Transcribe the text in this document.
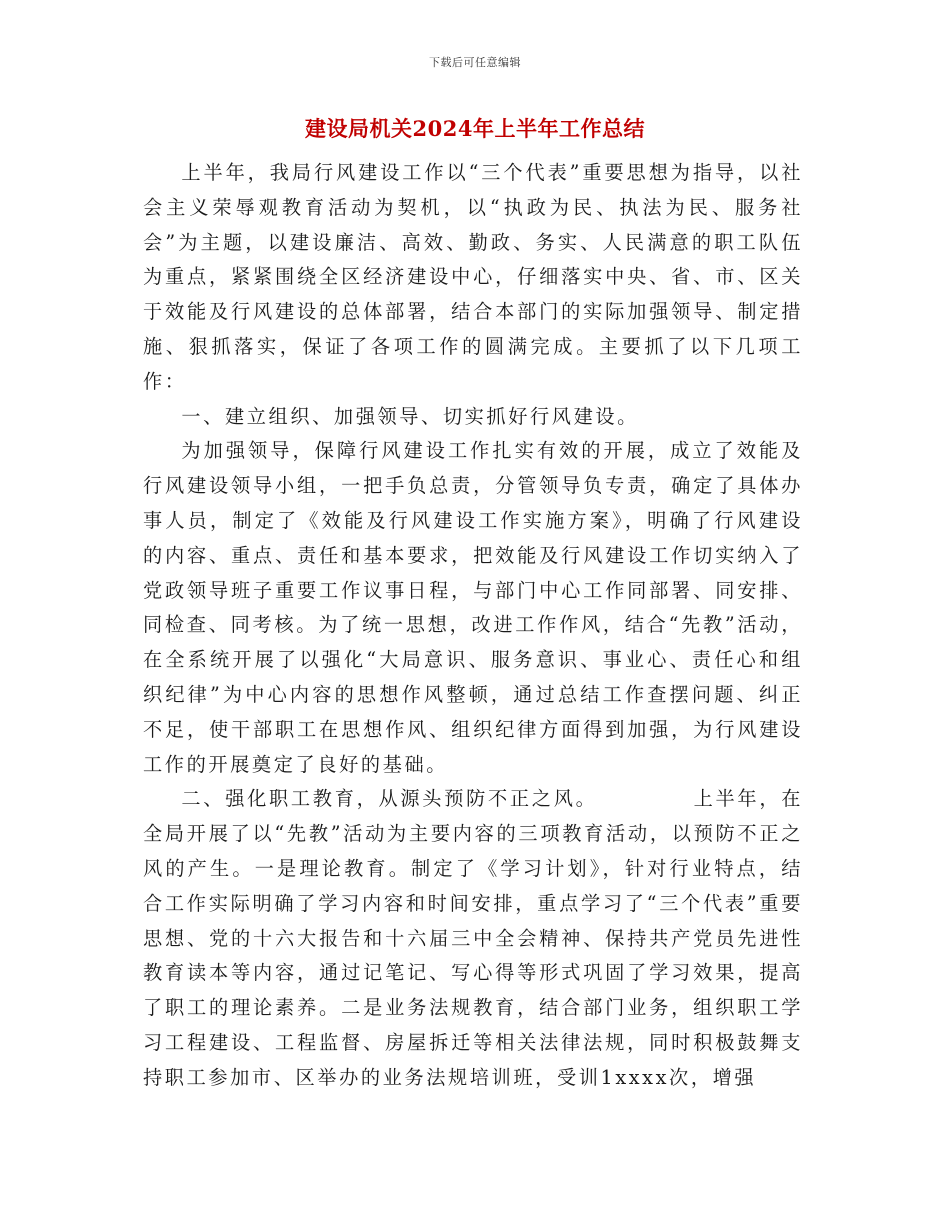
下载后可任意编辑
建设局机关2024年上半年工作总结

上半年，我局行风建设工作以“三个代表”重要思想为指导，以社会主义荣辱观教育活动为契机，以“执政为民、执法为民、服务社会”为主题，以建设廉洁、高效、勤政、务实、人民满意的职工队伍为重点，紧紧围绕全区经济建设中心，仔细落实中央、省、市、区关于效能及行风建设的总体部署，结合本部门的实际加强领导、制定措施、狠抓落实，保证了各项工作的圆满完成。主要抓了以下几项工作：

一、建立组织、加强领导、切实抓好行风建设。

为加强领导，保障行风建设工作扎实有效的开展，成立了效能及行风建设领导小组，一把手负总责，分管领导负专责，确定了具体办事人员，制定了《效能及行风建设工作实施方案》，明确了行风建设的内容、重点、责任和基本要求，把效能及行风建设工作切实纳入了党政领导班子重要工作议事日程，与部门中心工作同部署、同安排、同检查、同考核。为了统一思想，改进工作作风，结合“先教”活动，在全系统开展了以强化“大局意识、服务意识、事业心、责任心和组织纪律”为中心内容的思想作风整顿，通过总结工作查摆问题、纠正不足，使干部职工在思想作风、组织纪律方面得到加强，为行风建设工作的开展奠定了良好的基础。

二、强化职工教育，从源头预防不正之风。	上半年，在全局开展了以“先教”活动为主要内容的三项教育活动，以预防不正之风的产生。一是理论教育。制定了《学习计划》，针对行业特点，结合工作实际明确了学习内容和时间安排，重点学习了“三个代表”重要思想、党的十六大报告和十六届三中全会精神、保持共产党员先进性教育读本等内容，通过记笔记、写心得等形式巩固了学习效果，提高了职工的理论素养。二是业务法规教育，结合部门业务，组织职工学习工程建设、工程监督、房屋拆迁等相关法律法规，同时积极鼓舞支持职工参加市、区举办的业务法规培训班，受训1xxxx次，增强
